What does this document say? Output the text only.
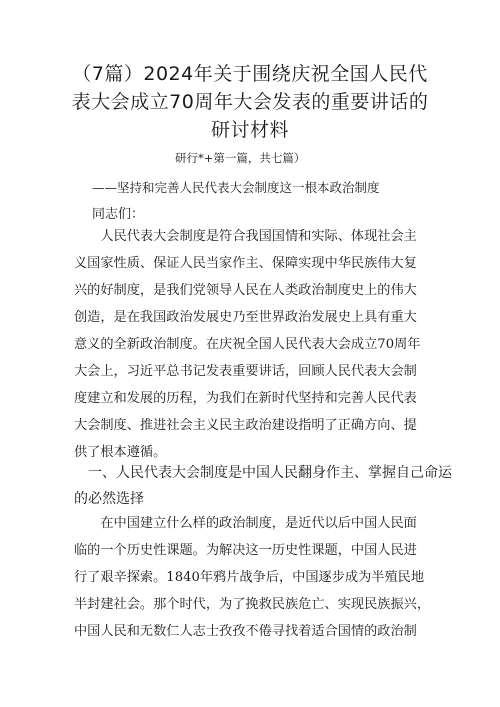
（7篇）2024年关于围绕庆祝全国人民代
表大会成立70周年大会发表的重要讲话的
研讨材料
研行*+第一篇，共七篇）
——坚持和完善人民代表大会制度这一根本政治制度
同志们：
　　人民代表大会制度是符合我国国情和实际、体现社会主
义国家性质、保证人民当家作主、保障实现中华民族伟大复
兴的好制度，是我们党领导人民在人类政治制度史上的伟大
创造，是在我国政治发展史乃至世界政治发展史上具有重大
意义的全新政治制度。在庆祝全国人民代表大会成立70周年
大会上，习近平总书记发表重要讲话，回顾人民代表大会制
度建立和发展的历程，为我们在新时代坚持和完善人民代表
大会制度、推进社会主义民主政治建设指明了正确方向、提
供了根本遵循。
　一、人民代表大会制度是中国人民翻身作主、掌握自己命运
的必然选择
　　在中国建立什么样的政治制度，是近代以后中国人民面
临的一个历史性课题。为解决这一历史性课题，中国人民进
行了艰辛探索。1840年鸦片战争后，中国逐步成为半殖民地
半封建社会。那个时代，为了挽救民族危亡、实现民族振兴，
中国人民和无数仁人志士孜孜不倦寻找着适合国情的政治制
